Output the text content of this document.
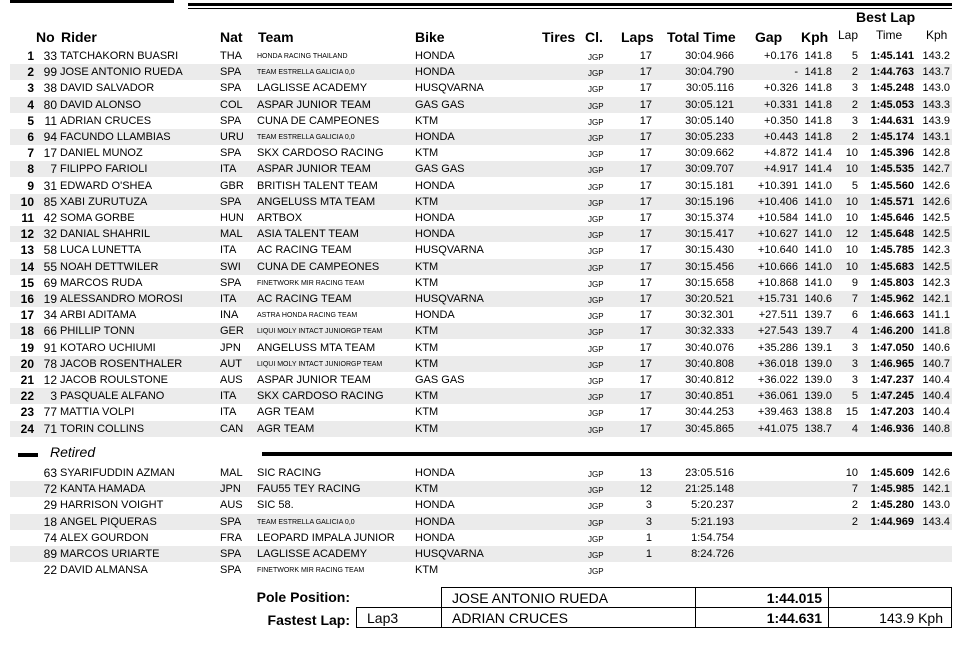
Best Lap
No Rider	Nat Team	Bike	Tires Cl. Laps Total Time Gap Kph Lap Time Kph
1 33 TATCHAKORN BUASRI	THA HONDA RACING THAILAND	HONDA	JGP	17	30:04.966	+0.176 141.8	5	1:45.141 143.2
2 99 JOSE ANTONIO RUEDA	SPA TEAM ESTRELLA GALICIA 0,0	HONDA	JGP	17	30:04.790	- 141.8	2	1:44.763 143.7
3 38 DAVID SALVADOR	SPA LAGLISSE ACADEMY	HUSQVARNA	JGP	17	30:05.116	+0.326 141.8	3	1:45.248 143.0
4 80 DAVID ALONSO	COL ASPAR JUNIOR TEAM	GAS GAS	JGP	17	30:05.121	+0.331 141.8	2	1:45.053 143.3
5 11 ADRIAN CRUCES	SPA CUNA DE CAMPEONES	KTM	JGP	17	30:05.140	+0.350 141.8	3	1:44.631 143.9
6 94 FACUNDO LLAMBIAS	URU TEAM ESTRELLA GALICIA 0,0	HONDA	JGP	17	30:05.233	+0.443 141.8	2	1:45.174 143.1
7 17 DANIEL MUNOZ	SPA SKX CARDOSO RACING	KTM	JGP	17	30:09.662	+4.872 141.4	10	1:45.396 142.8
8	7 FILIPPO FARIOLI	ITA ASPAR JUNIOR TEAM	GAS GAS	JGP	17	30:09.707	+4.917 141.4	10	1:45.535 142.7
9 31 EDWARD O'SHEA	GBR BRITISH TALENT TEAM	HONDA	JGP	17	30:15.181	+10.391 141.0	5	1:45.560 142.6
10 85 XABI ZURUTUZA	SPA ANGELUSS MTA TEAM	KTM	JGP	17	30:15.196	+10.406 141.0	10	1:45.571 142.6
11 42 SOMA GORBE	HUN ARTBOX	HONDA	JGP	17	30:15.374	+10.584 141.0	10	1:45.646 142.5
12 32 DANIAL SHAHRIL	MAL ASIA TALENT TEAM	HONDA	JGP	17	30:15.417	+10.627 141.0	12	1:45.648 142.5
13 58 LUCA LUNETTA	ITA AC RACING TEAM	HUSQVARNA	JGP	17	30:15.430	+10.640 141.0	10	1:45.785 142.3
14 55 NOAH DETTWILER	SWI CUNA DE CAMPEONES	KTM	JGP	17	30:15.456	+10.666 141.0	10	1:45.683 142.5
15 69 MARCOS RUDA	SPA FINETWORK MIR RACING TEAM	KTM	JGP	17	30:15.658	+10.868 141.0	9	1:45.803 142.3
16 19 ALESSANDRO MOROSI	ITA AC RACING TEAM	HUSQVARNA	JGP	17	30:20.521	+15.731 140.6	7	1:45.962 142.1
17 34 ARBI ADITAMA	INA	ASTRA HONDA RACING TEAM	HONDA	JGP	17	30:32.301	+27.511 139.7	6	1:46.663 141.1
18 66 PHILLIP TONN	GER LIQUI MOLY INTACT JUNIORGP TEAM	KTM	JGP	17	30:32.333	+27.543 139.7	4	1:46.200 141.8
19 91 KOTARO UCHIUMI	JPN ANGELUSS MTA TEAM	KTM	JGP	17	30:40.076	+35.286 139.1	3	1:47.050 140.6
20 78 JACOB ROSENTHALER	AUT LIQUI MOLY INTACT JUNIORGP TEAM	KTM	JGP	17	30:40.808	+36.018 139.0	3	1:46.965 140.7
21 12 JACOB ROULSTONE	AUS ASPAR JUNIOR TEAM	GAS GAS	JGP	17	30:40.812	+36.022 139.0	3	1:47.237 140.4
22	3 PASQUALE ALFANO	ITA SKX CARDOSO RACING	KTM	JGP	17	30:40.851	+36.061 139.0	5	1:47.245 140.4
23 77 MATTIA VOLPI	ITA AGR TEAM	KTM	JGP	17	30:44.253	+39.463 138.8	15	1:47.203 140.4
24 71 TORIN COLLINS	CAN AGR TEAM	KTM	JGP	17	30:45.865	+41.075 138.7	4	1:46.936 140.8
Retired
63 SYARIFUDDIN AZMAN	MAL SIC RACING	HONDA	JGP	13	23:05.516	10	1:45.609 142.6
72 KANTA HAMADA	JPN FAU55 TEY RACING	KTM	JGP	12	21:25.148	7	1:45.985 142.1
29 HARRISON VOIGHT	AUS SIC 58.	HONDA	JGP	3	5:20.237	2	1:45.280 143.0
18 ANGEL PIQUERAS	SPA TEAM ESTRELLA GALICIA 0,0	HONDA	JGP	3	5:21.193	2	1:44.969 143.4
74 ALEX GOURDON	FRA LEOPARD IMPALA JUNIOR	HONDA	JGP	1	1:54.754
89 MARCOS URIARTE	SPA LAGLISSE ACADEMY	HUSQVARNA	JGP	1	8:24.726
22 DAVID ALMANSA	SPA FINETWORK MIR RACING TEAM	KTM	JGP
Pole Position:	JOSE ANTONIO RUEDA	1:44.015
Fastest Lap:	Lap3	ADRIAN CRUCES	1:44.631	143.9 Kph
